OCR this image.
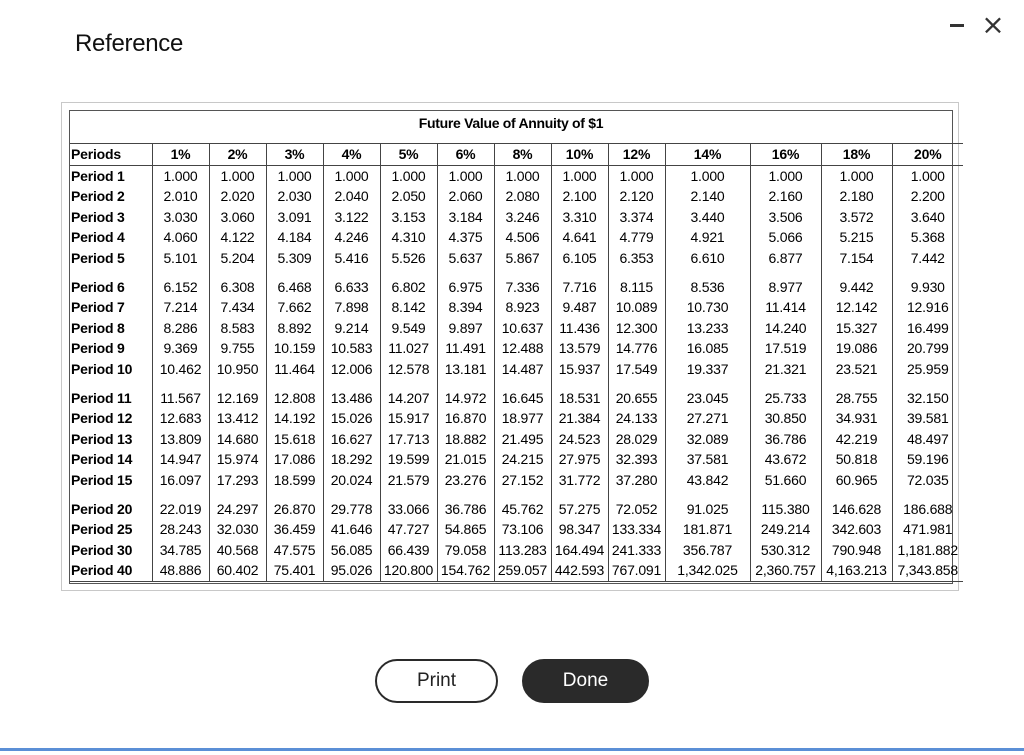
Reference
×
Future Value of Annuity of $1
Periods	1%	2%	3%	4%	5%	6%	8%	10%	12%	14%	16%	18%	20%
Period 1	1.000	1.000	1.000	1.000	1.000	1.000	1.000	1.000	1.000	1.000	1.000	1.000	1.000
Period 2	2.010	2.020	2.030	2.040	2.050	2.060	2.080	2.100	2.120	2.140	2.160	2.180	2.200
Period 3	3.030	3.060	3.091	3.122	3.153	3.184	3.246	3.310	3.374	3.440	3.506	3.572	3.640
Period 4	4.060	4.122	4.184	4.246	4.310	4.375	4.506	4.641	4.779	4.921	5.066	5.215	5.368
Period 5	5.101	5.204	5.309	5.416	5.526	5.637	5.867	6.105	6.353	6.610	6.877	7.154	7.442
Period 6	6.152	6.308	6.468	6.633	6.802	6.975	7.336	7.716	8.115	8.536	8.977	9.442	9.930
Period 7	7.214	7.434	7.662	7.898	8.142	8.394	8.923	9.487	10.089	10.730	11.414	12.142	12.916
Period 8	8.286	8.583	8.892	9.214	9.549	9.897	10.637	11.436	12.300	13.233	14.240	15.327	16.499
Period 9	9.369	9.755	10.159	10.583	11.027	11.491	12.488	13.579	14.776	16.085	17.519	19.086	20.799
Period 10	10.462	10.950	11.464	12.006	12.578	13.181	14.487	15.937	17.549	19.337	21.321	23.521	25.959
Period 11	11.567	12.169	12.808	13.486	14.207	14.972	16.645	18.531	20.655	23.045	25.733	28.755	32.150
Period 12	12.683	13.412	14.192	15.026	15.917	16.870	18.977	21.384	24.133	27.271	30.850	34.931	39.581
Period 13	13.809	14.680	15.618	16.627	17.713	18.882	21.495	24.523	28.029	32.089	36.786	42.219	48.497
Period 14	14.947	15.974	17.086	18.292	19.599	21.015	24.215	27.975	32.393	37.581	43.672	50.818	59.196
Period 15	16.097	17.293	18.599	20.024	21.579	23.276	27.152	31.772	37.280	43.842	51.660	60.965	72.035
Period 20	22.019	24.297	26.870	29.778	33.066	36.786	45.762	57.275	72.052	91.025	115.380	146.628	186.688
Period 25	28.243	32.030	36.459	41.646	47.727	54.865	73.106	98.347	133.334	181.871	249.214	342.603	471.981
Period 30	34.785	40.568	47.575	56.085	66.439	79.058	113.283	164.494	241.333	356.787	530.312	790.948	1,181.882
Period 40	48.886	60.402	75.401	95.026	120.800	154.762	259.057	442.593	767.091	1,342.025	2,360.757	4,163.213	7,343.858
Print	Done
